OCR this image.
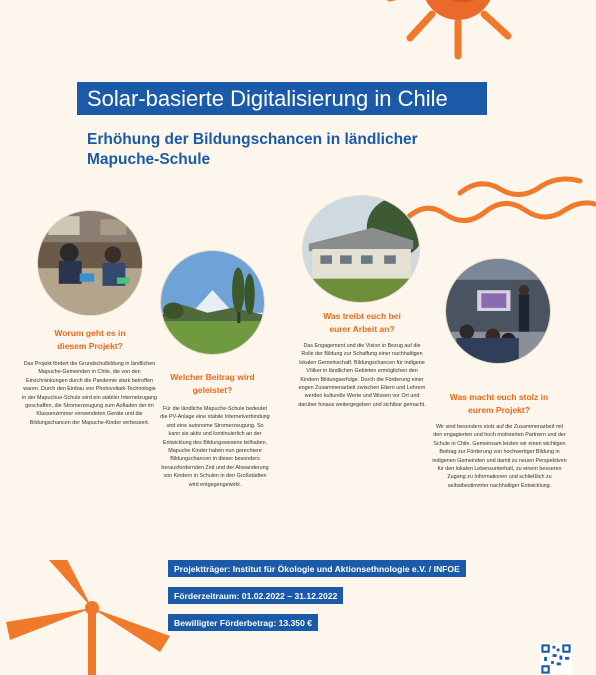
Solar-basierte Digitalisierung in Chile
Erhöhung der Bildungschancen in ländlicher Mapuche-Schule
Worum geht es in diesem Projekt?
Das Projekt fördert die Grundschulbildung in ländlichen Mapuche-Gemeinden in Chile, die von den Einschränkungen durch die Pandemie stark betroffen waren. Durch den Einbau von Photovoltaik-Technologie in der Mapuchue-Schule wird ein stabiler Internetzugang geschaffen, die Stromerzeugung zum Aufladen der im Klassenzimmer verwendeten Geräte und die Bildungschancen der Mapuche-Kinder verbessert.
Welcher Beitrag wird geleistet?
Für die ländliche Mapuche-Schule bedeutet die PV-Anlage eine stabile Internetverbindung und eine autonome Stromerzeugung. So kann sie aktiv und kontinuierlich an der Entwicklung des Bildungswesens teilhaben. Mapuche Kinder haben nun gerechtere Bildungschancen in dieser besonders herausfordernden Zeit und der Abwanderung von Kindern in Schulen in den Großstädten wird entgegengewirkt.
Was treibt euch bei eurer Arbeit an?
Das Engagement und die Vision in Bezug auf die Rolle der Bildung zur Schaffung einer nachhaltigen lokalen Gemeinschaft. Bildungschancen für indigene Völker in ländlichen Gebieten ermöglichen den Kindern Bildungserfolge. Durch die Förderung einer engen Zusammenarbeit zwischen Eltern und Lehrern werden kulturelle Werte und Wissen vor Ort und darüber hinaus weitergegeben und sichtbar gemacht.
Was macht euch stolz in eurem Projekt?
Wir sind besonders stolz auf die Zusammenarbeit mit den engagierten und hoch motivierten Partnern und der Schule in Chile. Gemeinsam leisten wir einen wichtigen Beitrag zur Förderung von hochwertiger Bildung in indigenen Gemeinden und damit zu neuen Perspektiven für den lokalen Lebensunterhalt, zu einem besseren Zugang zu Informationen und schließlich zu selbstbestimmter nachhaltiger Entwicklung.
Projektträger: Institut für Ökologie und Aktionsethnologie e.V. / INFOE
Förderzeitraum: 01.02.2022 – 31.12.2022
Bewilligter Förderbetrag: 13.350 €
